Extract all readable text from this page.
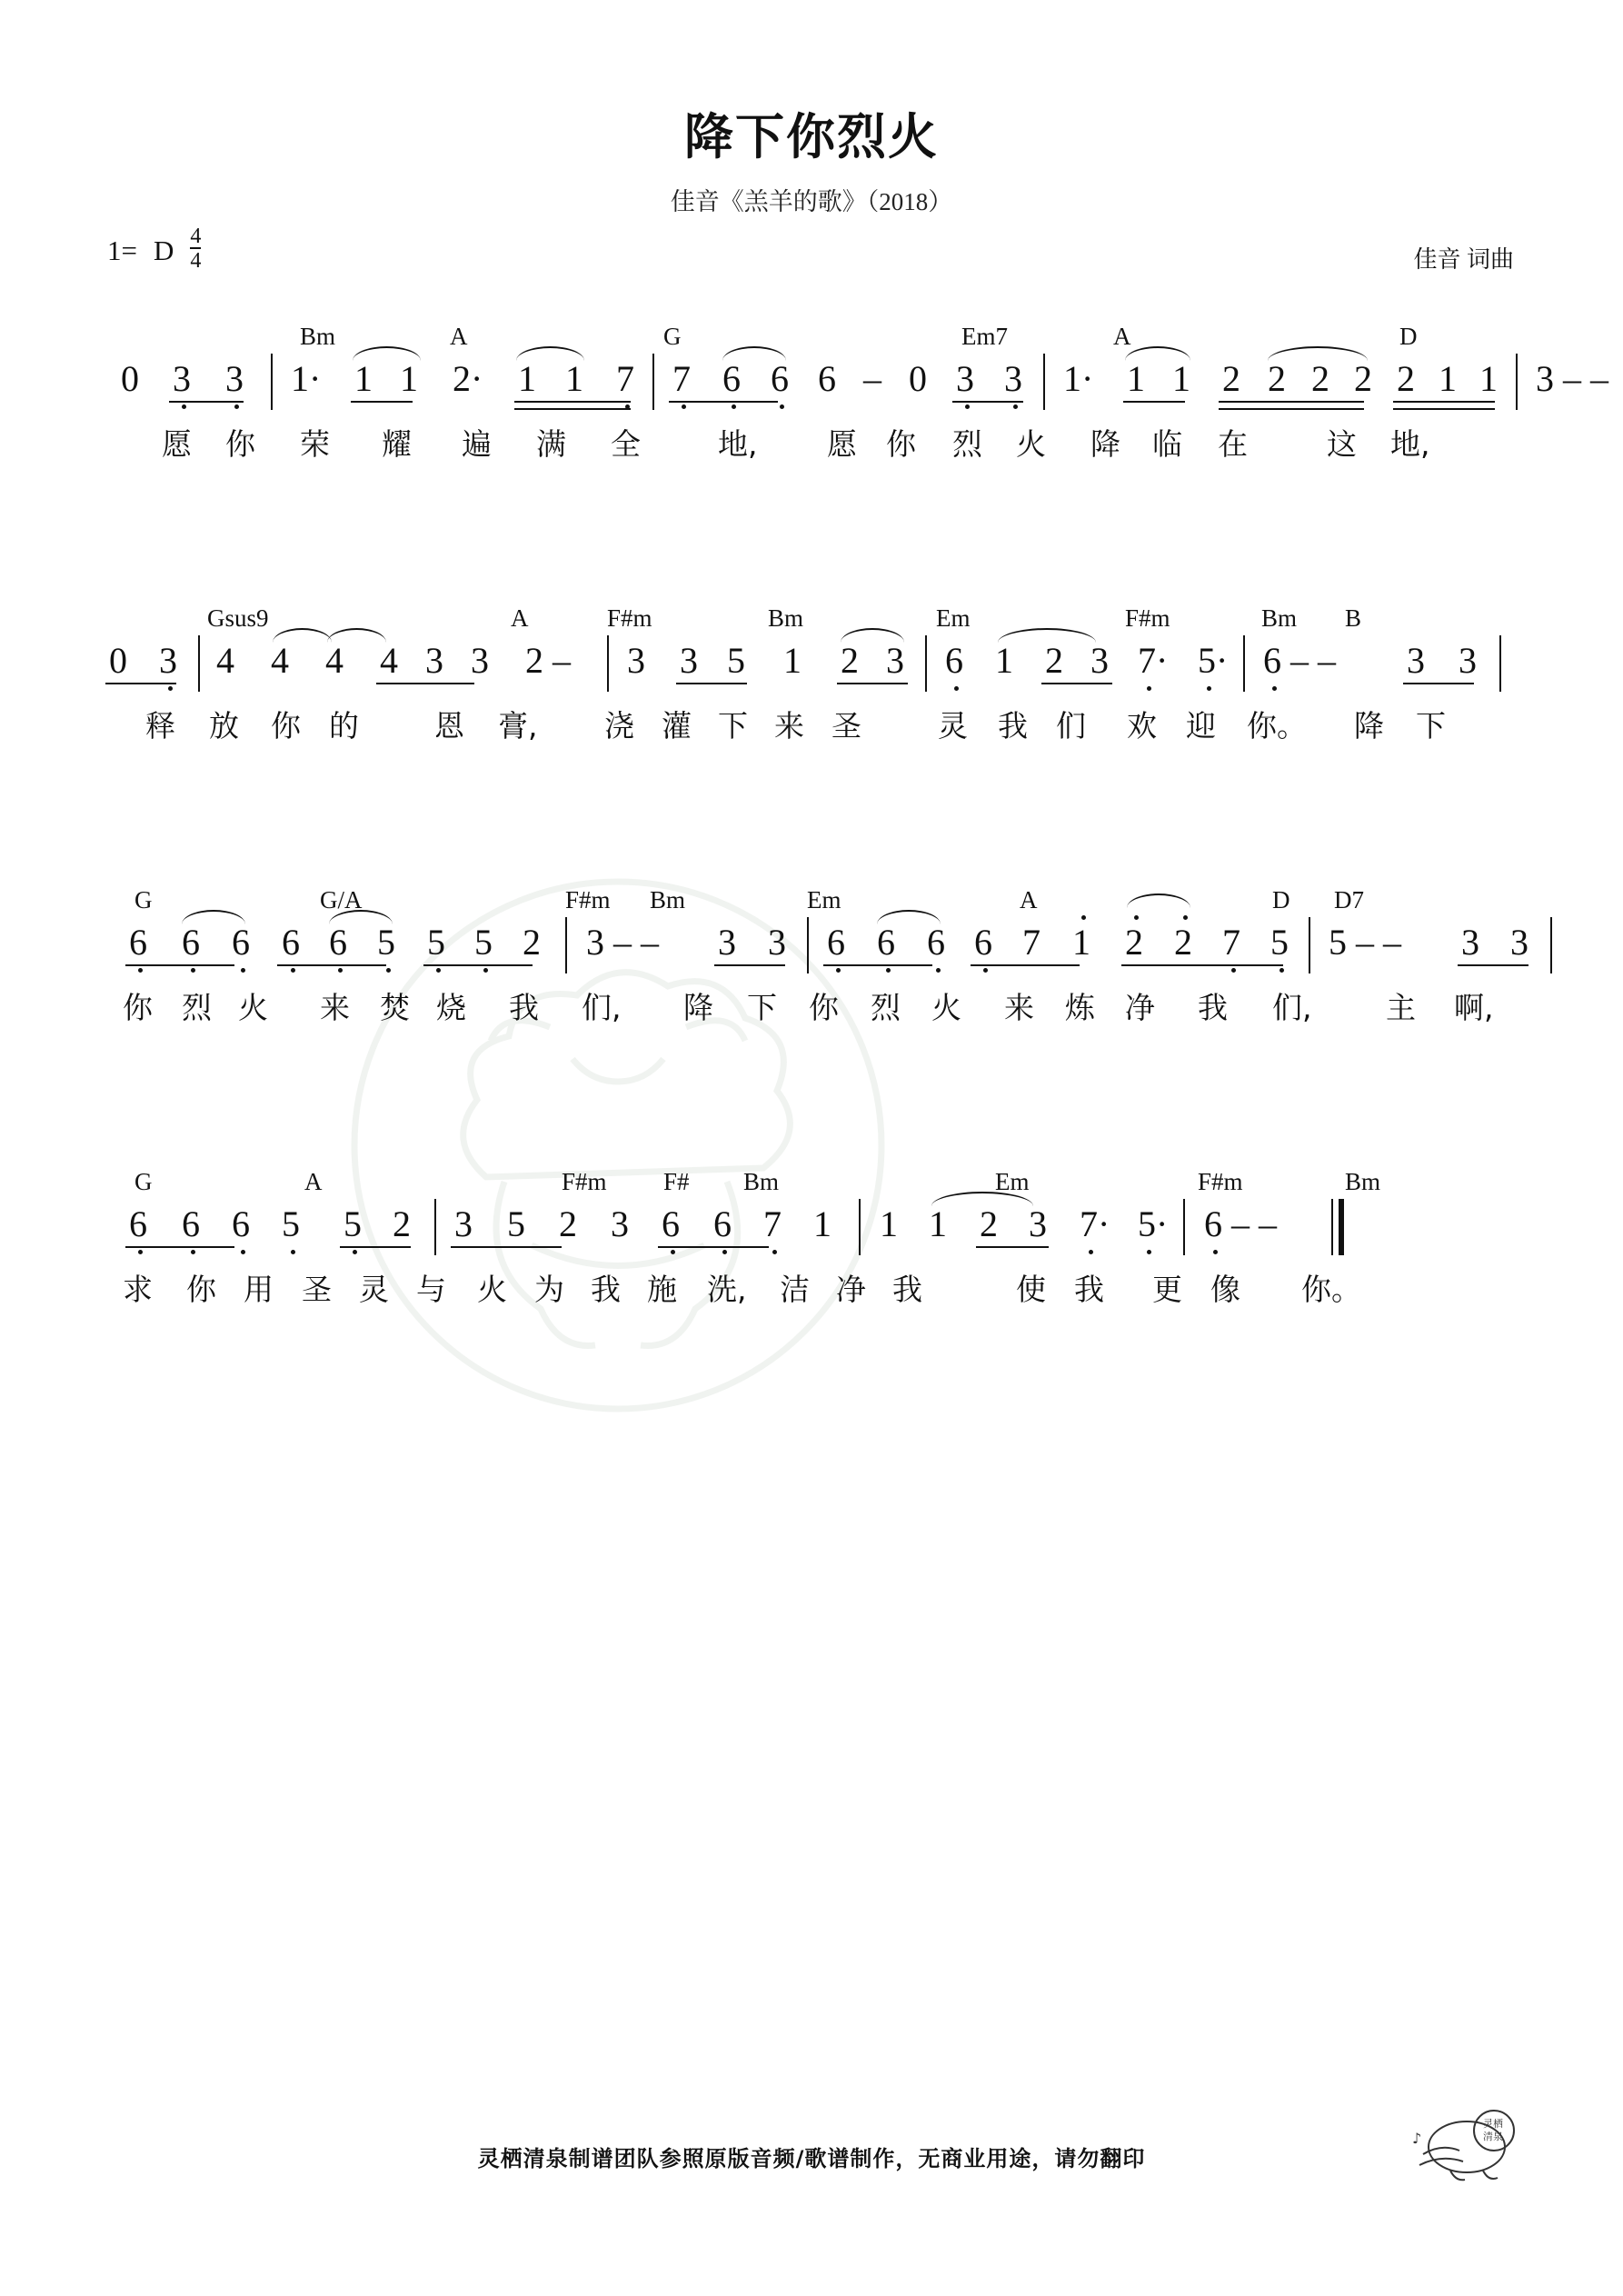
降下你烈火
佳音《羔羊的歌》（2018）
1= D $\frac{4}{4}$	佳音 词曲
Bm	A	G	Em7	A	D
0 3 3 1· 1 1 2· 1 1 7 7 6 6 6 – 0 3 3 1· 1 1 2 2 2 2 2 1 1 3 – –
愿 你 荣 耀 遍 满 全	地, 愿 你 烈 火 降 临 在	这 地,
Gsus9	A	F#m	Bm	Em	F#m	Bm B
0 3 4 4 4 4 3 3 2 – 3 3 5 1 2 3 6 1 2 3 7· 5· 6 – – 3 3
释 放 你 的	恩 膏, 浇 灌 下 来 圣	灵 我 们 欢 迎 你。 降 下
G	G/A	F#m Bm	Em	A	D D7
6 6 6 6 6 5 5 5 2 3 – – 3 3 6 6 6 6 7 1 2 2 7 5 5 – – 3 3
你 烈 火 来 焚 烧 我 们, 降 下 你 烈 火 来 炼 净 我 们, 主 啊,
G	A	F#m F# Bm	Em	F#m	Bm
6 6 6 5 5 2 3 5 2 3 6 6 7 1 1 1 2 3 7· 5· 6 – –
求 你 用 圣 灵 与 火 为 我 施 洗, 洁 净 我	使 我 更 像 你。
灵栖清泉制谱团队参照原版音频/歌谱制作，无商业用途，请勿翻印
灵栖
清泉
♪
